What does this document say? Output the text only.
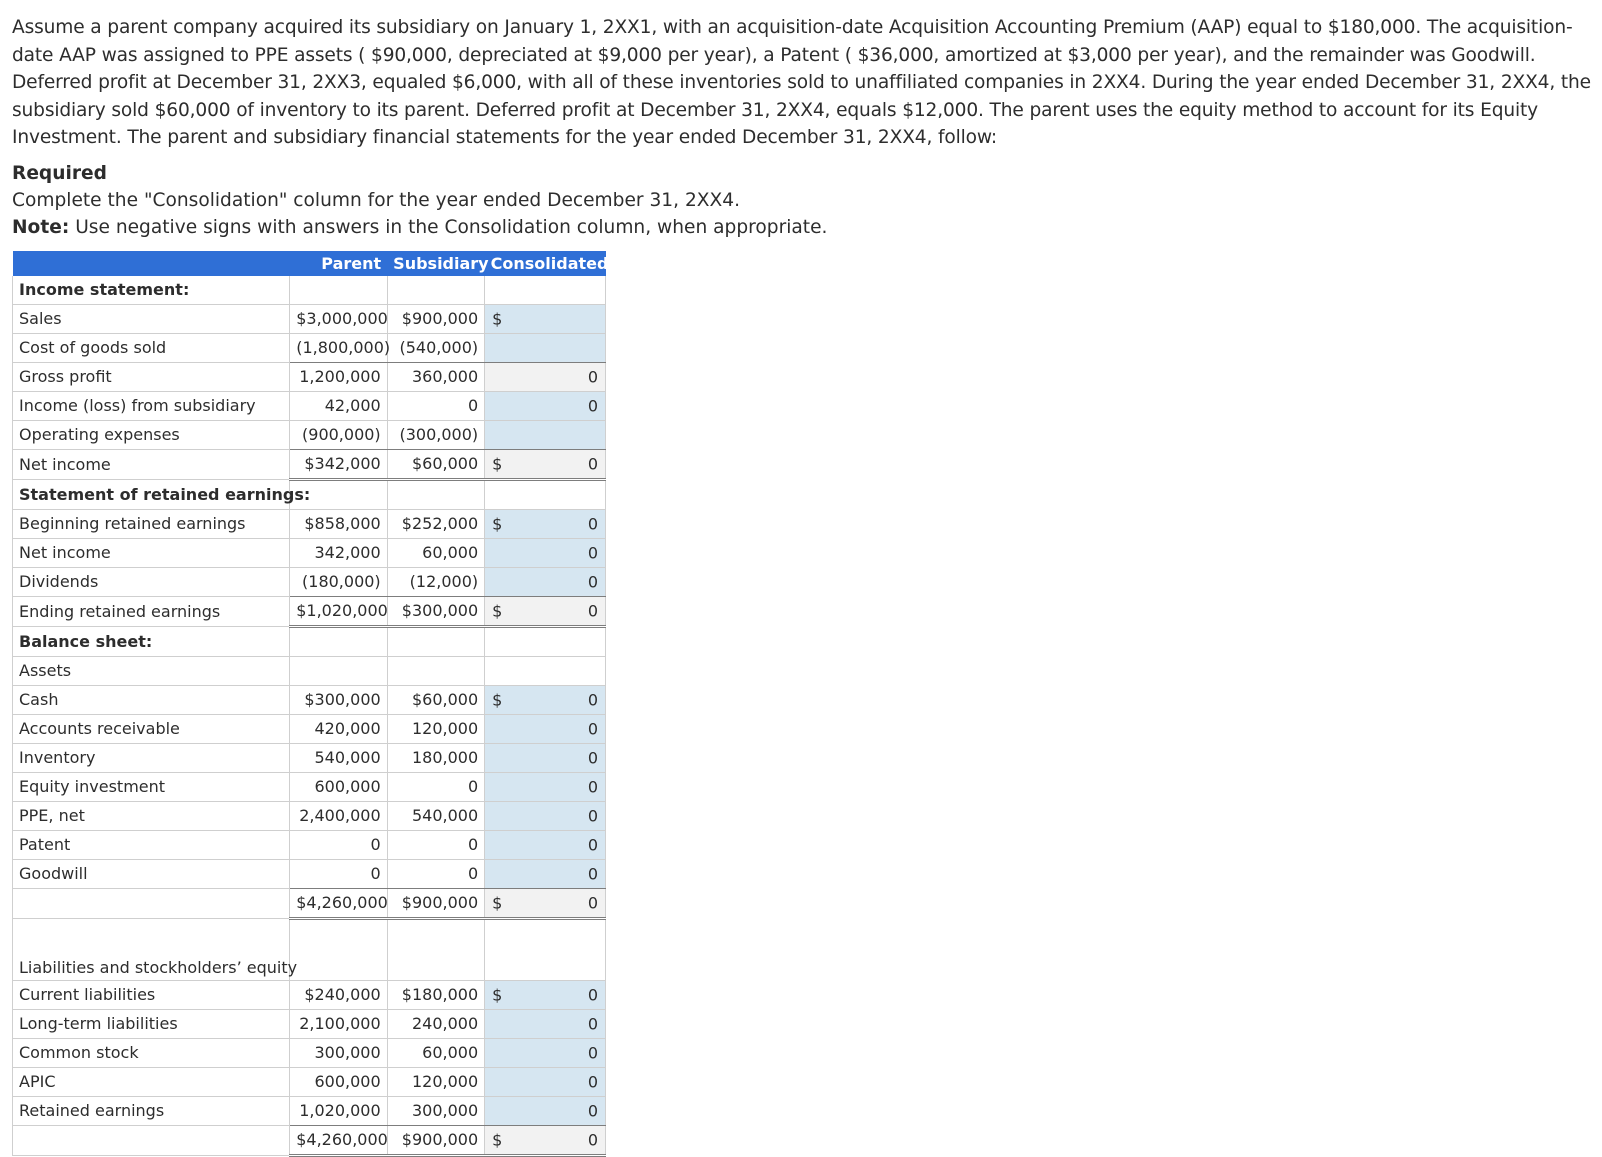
Assume a parent company acquired its subsidiary on January 1, 2XX1, with an acquisition-date Acquisition Accounting Premium (AAP) equal to $180,000. The acquisition-date AAP was assigned to PPE assets ( $90,000, depreciated at $9,000 per year), a Patent ( $36,000, amortized at $3,000 per year), and the remainder was Goodwill. Deferred profit at December 31, 2XX3, equaled $6,000, with all of these inventories sold to unaffiliated companies in 2XX4. During the year ended December 31, 2XX4, the subsidiary sold $60,000 of inventory to its parent. Deferred profit at December 31, 2XX4, equals $12,000. The parent uses the equity method to account for its Equity Investment. The parent and subsidiary financial statements for the year ended December 31, 2XX4, follow:

Required
Complete the "Consolidation" column for the year ended December 31, 2XX4.
Note: Use negative signs with answers in the Consolidation column, when appropriate.
	Parent	Subsidiary	Consolidated
Income statement:			

Sales	$3,000,000	$900,000	$

Cost of goods sold	(1,800,000)	(540,000)	

Gross profit	1,200,000	360,000	0

Income (loss) from subsidiary	42,000	0	0

Operating expenses	(900,000)	(300,000)	

Net income	$342,000	$60,000	$ 0

Statement of retained earnings:			

Beginning retained earnings	$858,000	$252,000	$ 0

Net income	342,000	60,000	0

Dividends	(180,000)	(12,000)	0

Ending retained earnings	$1,020,000	$300,000	$ 0

Balance sheet:			

Assets			

Cash	$300,000	$60,000	$ 0

Accounts receivable	420,000	120,000	0

Inventory	540,000	180,000	0

Equity investment	600,000	0	0

PPE, net	2,400,000	540,000	0

Patent	0	0	0

Goodwill	0	0	0

	$4,260,000	$900,000	$ 0

Liabilities and stockholders’ equity			

Current liabilities	$240,000	$180,000	$ 0

Long-term liabilities	2,100,000	240,000	0

Common stock	300,000	60,000	0

APIC	600,000	120,000	0

Retained earnings	1,020,000	300,000	0

	$4,260,000	$900,000	$ 0
